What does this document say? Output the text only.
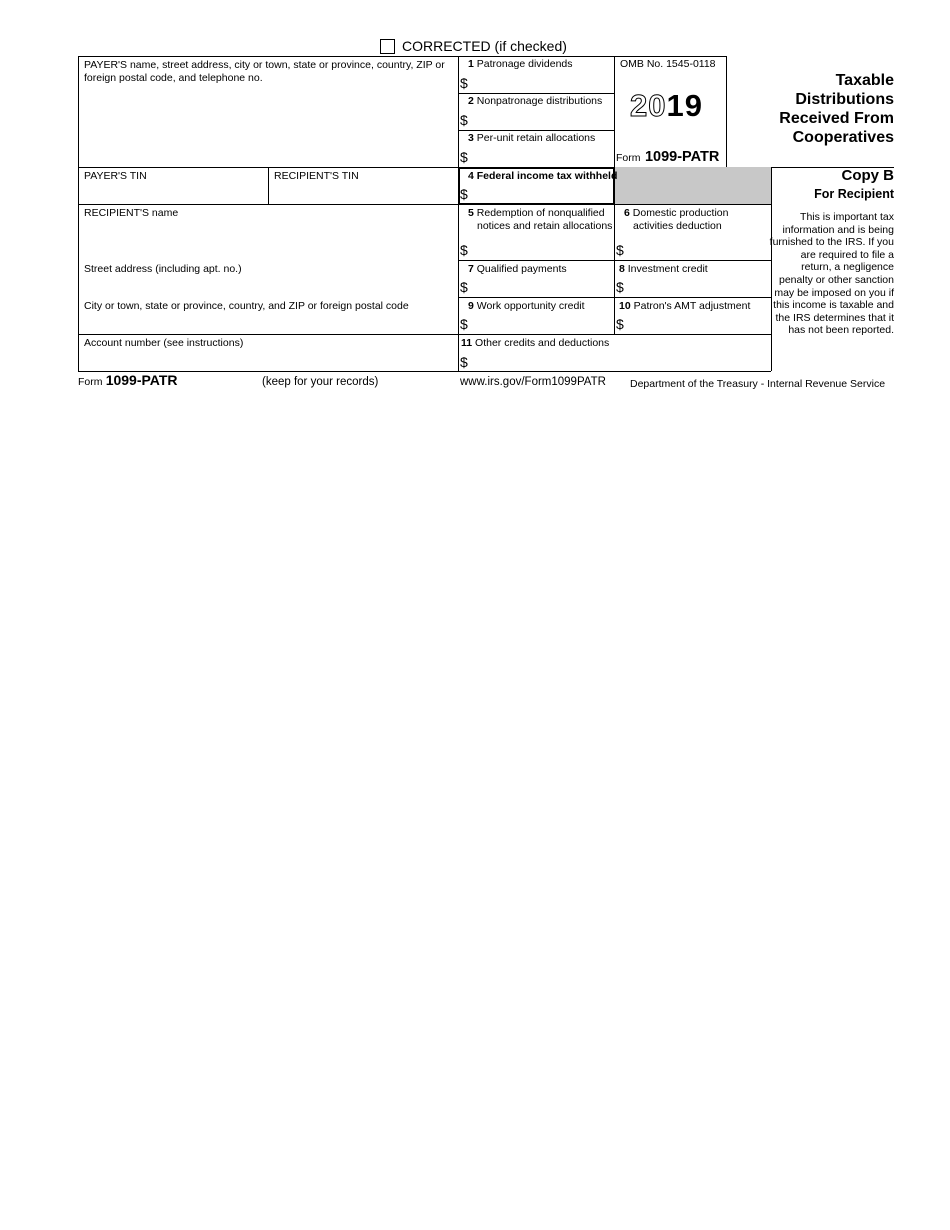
CORRECTED (if checked)
PAYER'S name, street address, city or town, state or province, country, ZIP or foreign postal code, and telephone no.
1 Patronage dividends
$
2 Nonpatronage distributions
$
3 Per-unit retain allocations
$
OMB No. 1545-0118
2019
Form 1099-PATR
Taxable Distributions Received From Cooperatives
PAYER'S TIN	RECIPIENT'S TIN	4 Federal income tax withheld
$
Copy B
For Recipient
This is important tax information and is being furnished to the IRS. If you are required to file a return, a negligence penalty or other sanction may be imposed on you if this income is taxable and the IRS determines that it has not been reported.
RECIPIENT'S name
Street address (including apt. no.)
City or town, state or province, country, and ZIP or foreign postal code
5 Redemption of nonqualified
notices and retain allocations
$
6 Domestic production
activities deduction
$
7 Qualified payments
$
8 Investment credit
$
9 Work opportunity credit
$
10 Patron's AMT adjustment
$
Account number (see instructions)	11 Other credits and deductions
$
Form 1099-PATR	(keep for your records)	www.irs.gov/Form1099PATR Department of the Treasury - Internal Revenue Service
